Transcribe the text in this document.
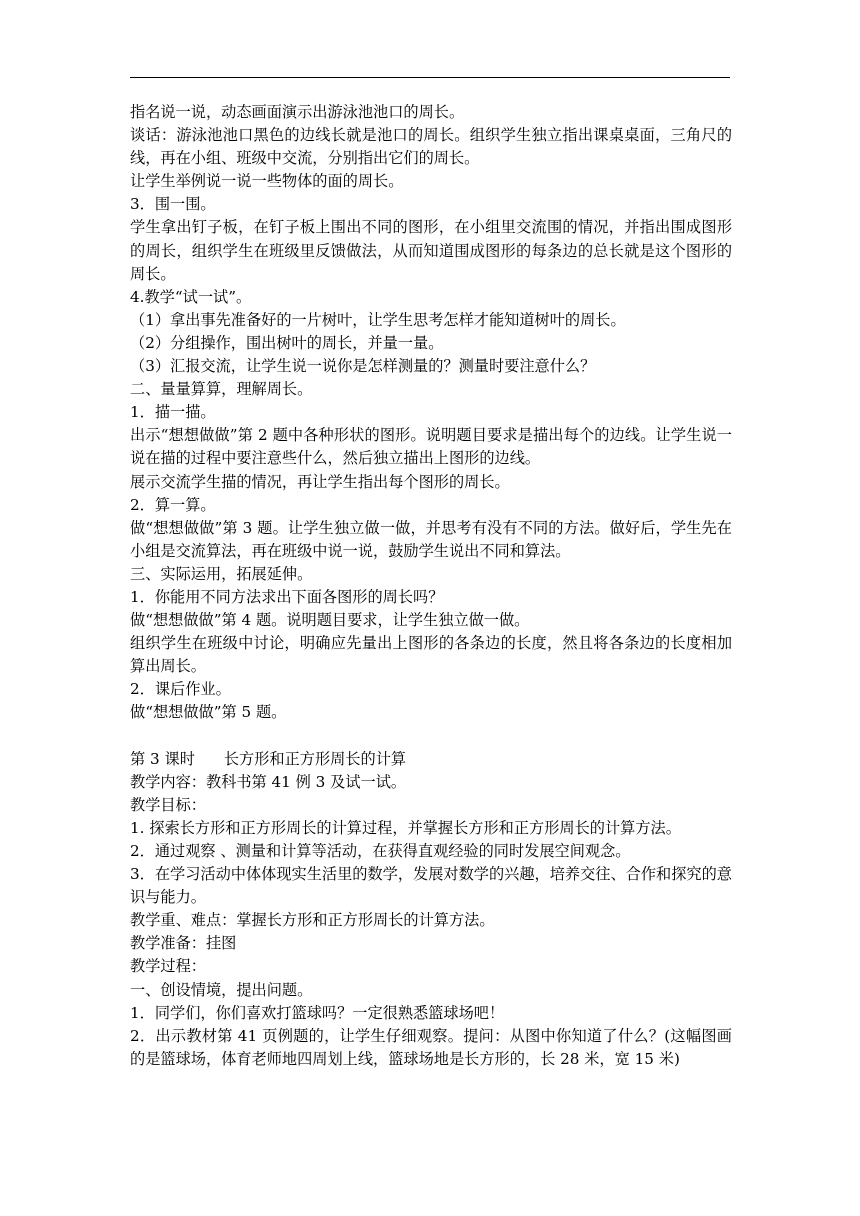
指名说一说，动态画面演示出游泳池池口的周长。

谈话：游泳池池口黑色的边线长就是池口的周长。组织学生独立指出课桌桌面，三角尺的线，再在小组、班级中交流，分别指出它们的周长。

让学生举例说一说一些物体的面的周长。

3．围一围。

学生拿出钉子板，在钉子板上围出不同的图形，在小组里交流围的情况，并指出围成图形的周长，组织学生在班级里反馈做法，从而知道围成图形的每条边的总长就是这个图形的周长。

4.教学“试一试”。

（1）拿出事先准备好的一片树叶，让学生思考怎样才能知道树叶的周长。

（2）分组操作，围出树叶的周长，并量一量。

（3）汇报交流，让学生说一说你是怎样测量的？测量时要注意什么？

二、量量算算，理解周长。

1．描一描。

出示“想想做做”第 2 题中各种形状的图形。说明题目要求是描出每个的边线。让学生说一说在描的过程中要注意些什么，然后独立描出上图形的边线。

展示交流学生描的情况，再让学生指出每个图形的周长。

2．算一算。

做“想想做做”第 3 题。让学生独立做一做，并思考有没有不同的方法。做好后，学生先在小组是交流算法，再在班级中说一说，鼓励学生说出不同和算法。

三、实际运用，拓展延伸。

1．你能用不同方法求出下面各图形的周长吗？

做“想想做做”第 4 题。说明题目要求，让学生独立做一做。

组织学生在班级中讨论，明确应先量出上图形的各条边的长度，然且将各条边的长度相加算出周长。

2．课后作业。

做“想想做做”第 5 题。

第 3 课时      长方形和正方形周长的计算

教学内容：教科书第 41 例 3 及试一试。

教学目标：

1. 探索长方形和正方形周长的计算过程，并掌握长方形和正方形周长的计算方法。

2．通过观察 、测量和计算等活动，在获得直观经验的同时发展空间观念。

3．在学习活动中体体现实生活里的数学，发展对数学的兴趣，培养交往、合作和探究的意识与能力。

教学重、难点：掌握长方形和正方形周长的计算方法。

教学准备：挂图

教学过程：

一、创设情境，提出问题。

1．同学们，你们喜欢打篮球吗？一定很熟悉篮球场吧！

2．出示教材第 41 页例题的，让学生仔细观察。提问：从图中你知道了什么？(这幅图画的是篮球场，体育老师地四周划上线，篮球场地是长方形的，长 28 米，宽 15 米)
